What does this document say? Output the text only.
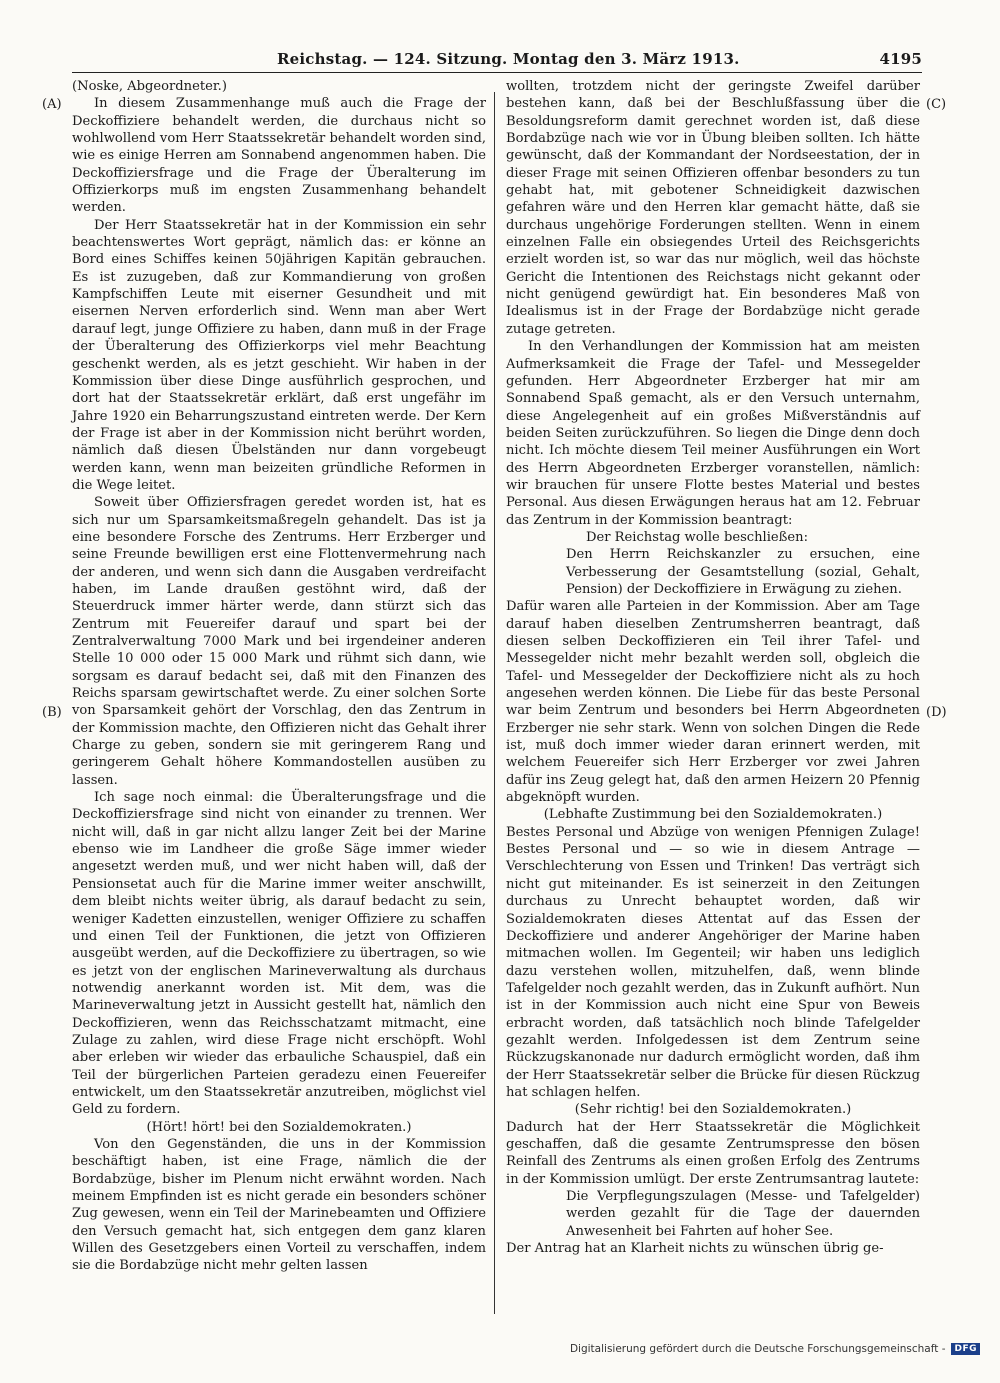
Reichstag. — 124. Sitzung. Montag den 3. März 1913.	4195
(A)
(B)
(C)
(D)

(Noske, Abgeordneter.)

In diesem Zusammenhange muß auch die Frage der Deckoffiziere behandelt werden, die durchaus nicht so wohlwollend vom Herr Staatssekretär behandelt worden sind, wie es einige Herren am Sonnabend angenommen haben. Die Deckoffiziersfrage und die Frage der Überalterung im Offizierkorps muß im engsten Zusammenhang behandelt werden.

Der Herr Staatssekretär hat in der Kommission ein sehr beachtenswertes Wort geprägt, nämlich das: er könne an Bord eines Schiffes keinen 50jährigen Kapitän gebrauchen. Es ist zuzugeben, daß zur Kommandierung von großen Kampfschiffen Leute mit eiserner Gesundheit und mit eisernen Nerven erforderlich sind. Wenn man aber Wert darauf legt, junge Offiziere zu haben, dann muß in der Frage der Überalterung des Offizierkorps viel mehr Beachtung geschenkt werden, als es jetzt geschieht. Wir haben in der Kommission über diese Dinge ausführlich gesprochen, und dort hat der Staatssekretär erklärt, daß erst ungefähr im Jahre 1920 ein Beharrungszustand eintreten werde. Der Kern der Frage ist aber in der Kommission nicht berührt worden, nämlich daß diesen Übelständen nur dann vorgebeugt werden kann, wenn man beizeiten gründliche Reformen in die Wege leitet.

Soweit über Offiziersfragen geredet worden ist, hat es sich nur um Sparsamkeitsmaßregeln gehandelt. Das ist ja eine besondere Forsche des Zentrums. Herr Erzberger und seine Freunde bewilligen erst eine Flottenvermehrung nach der anderen, und wenn sich dann die Ausgaben verdreifacht haben, im Lande draußen gestöhnt wird, daß der Steuerdruck immer härter werde, dann stürzt sich das Zentrum mit Feuereifer darauf und spart bei der Zentralverwaltung 7000 Mark und bei irgendeiner anderen Stelle 10 000 oder 15 000 Mark und rühmt sich dann, wie sorgsam es darauf bedacht sei, daß mit den Finanzen des Reichs sparsam gewirtschaftet werde. Zu einer solchen Sorte von Sparsamkeit gehört der Vorschlag, den das Zentrum in der Kommission machte, den Offizieren nicht das Gehalt ihrer Charge zu geben, sondern sie mit geringerem Rang und geringerem Gehalt höhere Kommandostellen ausüben zu lassen.

Ich sage noch einmal: die Überalterungsfrage und die Deckoffiziersfrage sind nicht von einander zu trennen. Wer nicht will, daß in gar nicht allzu langer Zeit bei der Marine ebenso wie im Landheer die große Säge immer wieder angesetzt werden muß, und wer nicht haben will, daß der Pensionsetat auch für die Marine immer weiter anschwillt, dem bleibt nichts weiter übrig, als darauf bedacht zu sein, weniger Kadetten einzustellen, weniger Offiziere zu schaffen und einen Teil der Funktionen, die jetzt von Offizieren ausgeübt werden, auf die Deckoffiziere zu übertragen, so wie es jetzt von der englischen Marineverwaltung als durchaus notwendig anerkannt worden ist. Mit dem, was die Marineverwaltung jetzt in Aussicht gestellt hat, nämlich den Deckoffizieren, wenn das Reichsschatzamt mitmacht, eine Zulage zu zahlen, wird diese Frage nicht erschöpft. Wohl aber erleben wir wieder das erbauliche Schauspiel, daß ein Teil der bürgerlichen Parteien geradezu einen Feuereifer entwickelt, um den Staatssekretär anzutreiben, möglichst viel Geld zu fordern.

(Hört! hört! bei den Sozialdemokraten.)

Von den Gegenständen, die uns in der Kommission beschäftigt haben, ist eine Frage, nämlich die der Bordabzüge, bisher im Plenum nicht erwähnt worden. Nach meinem Empfinden ist es nicht gerade ein besonders schöner Zug gewesen, wenn ein Teil der Marinebeamten und Offiziere den Versuch gemacht hat, sich entgegen dem ganz klaren Willen des Gesetzgebers einen Vorteil zu verschaffen, indem sie die Bordabzüge nicht mehr gelten lassen

wollten, trotzdem nicht der geringste Zweifel darüber bestehen kann, daß bei der Beschlußfassung über die Besoldungsreform damit gerechnet worden ist, daß diese Bordabzüge nach wie vor in Übung bleiben sollten. Ich hätte gewünscht, daß der Kommandant der Nordseestation, der in dieser Frage mit seinen Offizieren offenbar besonders zu tun gehabt hat, mit gebotener Schneidigkeit dazwischen gefahren wäre und den Herren klar gemacht hätte, daß sie durchaus ungehörige Forderungen stellten. Wenn in einem einzelnen Falle ein obsiegendes Urteil des Reichsgerichts erzielt worden ist, so war das nur möglich, weil das höchste Gericht die Intentionen des Reichstags nicht gekannt oder nicht genügend gewürdigt hat. Ein besonderes Maß von Idealismus ist in der Frage der Bordabzüge nicht gerade zutage getreten.

In den Verhandlungen der Kommission hat am meisten Aufmerksamkeit die Frage der Tafel- und Messegelder gefunden. Herr Abgeordneter Erzberger hat mir am Sonnabend Spaß gemacht, als er den Versuch unternahm, diese Angelegenheit auf ein großes Mißverständnis auf beiden Seiten zurückzuführen. So liegen die Dinge denn doch nicht. Ich möchte diesem Teil meiner Ausführungen ein Wort des Herrn Abgeordneten Erzberger voranstellen, nämlich: wir brauchen für unsere Flotte bestes Material und bestes Personal. Aus diesen Erwägungen heraus hat am 12. Februar das Zentrum in der Kommission beantragt:

Der Reichstag wolle beschließen:

Den Herrn Reichskanzler zu ersuchen, eine Verbesserung der Gesamtstellung (sozial, Gehalt, Pension) der Deckoffiziere in Erwägung zu ziehen.

Dafür waren alle Parteien in der Kommission. Aber am Tage darauf haben dieselben Zentrumsherren beantragt, daß diesen selben Deckoffizieren ein Teil ihrer Tafel- und Messegelder nicht mehr bezahlt werden soll, obgleich die Tafel- und Messegelder der Deckoffiziere nicht als zu hoch angesehen werden können. Die Liebe für das beste Personal war beim Zentrum und besonders bei Herrn Abgeordneten Erzberger nie sehr stark. Wenn von solchen Dingen die Rede ist, muß doch immer wieder daran erinnert werden, mit welchem Feuereifer sich Herr Erzberger vor zwei Jahren dafür ins Zeug gelegt hat, daß den armen Heizern 20 Pfennig abgeknöpft wurden.

(Lebhafte Zustimmung bei den Sozialdemokraten.)

Bestes Personal und Abzüge von wenigen Pfennigen Zulage! Bestes Personal und — so wie in diesem Antrage — Verschlechterung von Essen und Trinken! Das verträgt sich nicht gut miteinander. Es ist seinerzeit in den Zeitungen durchaus zu Unrecht behauptet worden, daß wir Sozialdemokraten dieses Attentat auf das Essen der Deckoffiziere und anderer Angehöriger der Marine haben mitmachen wollen. Im Gegenteil; wir haben uns lediglich dazu verstehen wollen, mitzuhelfen, daß, wenn blinde Tafelgelder noch gezahlt werden, das in Zukunft aufhört. Nun ist in der Kommission auch nicht eine Spur von Beweis erbracht worden, daß tatsächlich noch blinde Tafelgelder gezahlt werden. Infolgedessen ist dem Zentrum seine Rückzugskanonade nur dadurch ermöglicht worden, daß ihm der Herr Staatssekretär selber die Brücke für diesen Rückzug hat schlagen helfen.

(Sehr richtig! bei den Sozialdemokraten.)

Dadurch hat der Herr Staatssekretär die Möglichkeit geschaffen, daß die gesamte Zentrumspresse den bösen Reinfall des Zentrums als einen großen Erfolg des Zentrums in der Kommission umlügt. Der erste Zentrumsantrag lautete:

Die Verpflegungszulagen (Messe- und Tafelgelder) werden gezahlt für die Tage der dauernden Anwesenheit bei Fahrten auf hoher See.

Der Antrag hat an Klarheit nichts zu wünschen übrig ge-

Digitalisierung gefördert durch die Deutsche Forschungsgemeinschaft -	DFG
